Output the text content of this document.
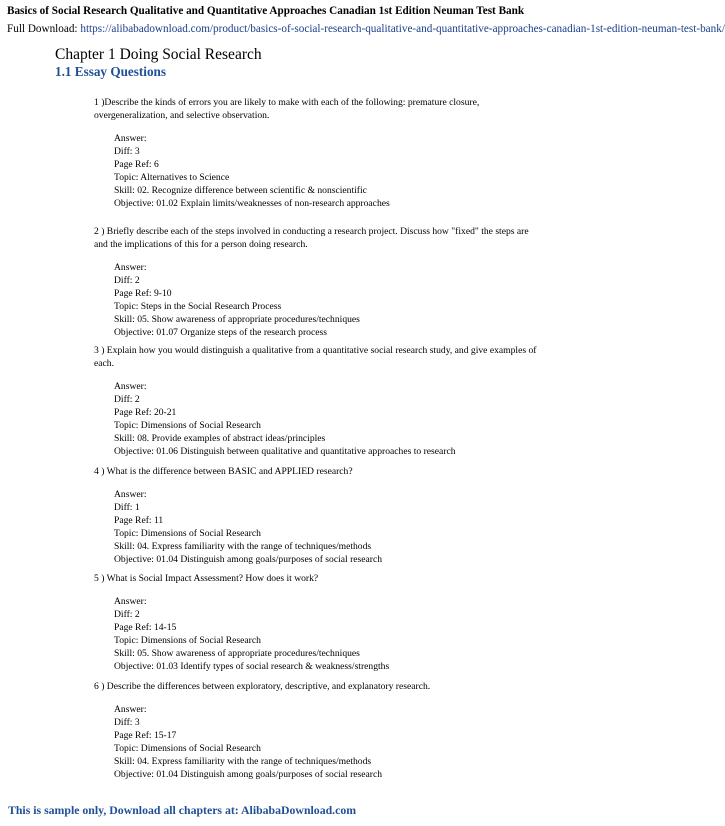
Basics of Social Research Qualitative and Quantitative Approaches Canadian 1st Edition Neuman Test Bank
Full Download: https://alibabadownload.com/product/basics-of-social-research-qualitative-and-quantitative-approaches-canadian-1st-edition-neuman-test-bank/
Chapter 1 Doing Social Research
1.1 Essay Questions

1 )Describe the kinds of errors you are likely to make with each of the following: premature closure, overgeneralization, and selective observation.

Answer:
Diff: 3
Page Ref: 6
Topic: Alternatives to Science
Skill: 02. Recognize difference between scientific & nonscientific
Objective: 01.02 Explain limits/weaknesses of non-research approaches

2 ) Briefly describe each of the steps involved in conducting a research project. Discuss how "fixed" the steps are and the implications of this for a person doing research.

Answer:
Diff: 2
Page Ref: 9-10
Topic: Steps in the Social Research Process
Skill: 05. Show awareness of appropriate procedures/techniques
Objective: 01.07 Organize steps of the research process

3 ) Explain how you would distinguish a qualitative from a quantitative social research study, and give examples of each.

Answer:
Diff: 2
Page Ref: 20-21
Topic: Dimensions of Social Research
Skill: 08. Provide examples of abstract ideas/principles
Objective: 01.06 Distinguish between qualitative and quantitative approaches to research

4 ) What is the difference between BASIC and APPLIED research?

Answer:
Diff: 1
Page Ref: 11
Topic: Dimensions of Social Research
Skill: 04. Express familiarity with the range of techniques/methods
Objective: 01.04 Distinguish among goals/purposes of social research

5 ) What is Social Impact Assessment? How does it work?

Answer:
Diff: 2
Page Ref: 14-15
Topic: Dimensions of Social Research
Skill: 05. Show awareness of appropriate procedures/techniques
Objective: 01.03 Identify types of social research & weakness/strengths

6 ) Describe the differences between exploratory, descriptive, and explanatory research.

Answer:
Diff: 3
Page Ref: 15-17
Topic: Dimensions of Social Research
Skill: 04. Express familiarity with the range of techniques/methods
Objective: 01.04 Distinguish among goals/purposes of social research
This is sample only, Download all chapters at: AlibabaDownload.com
